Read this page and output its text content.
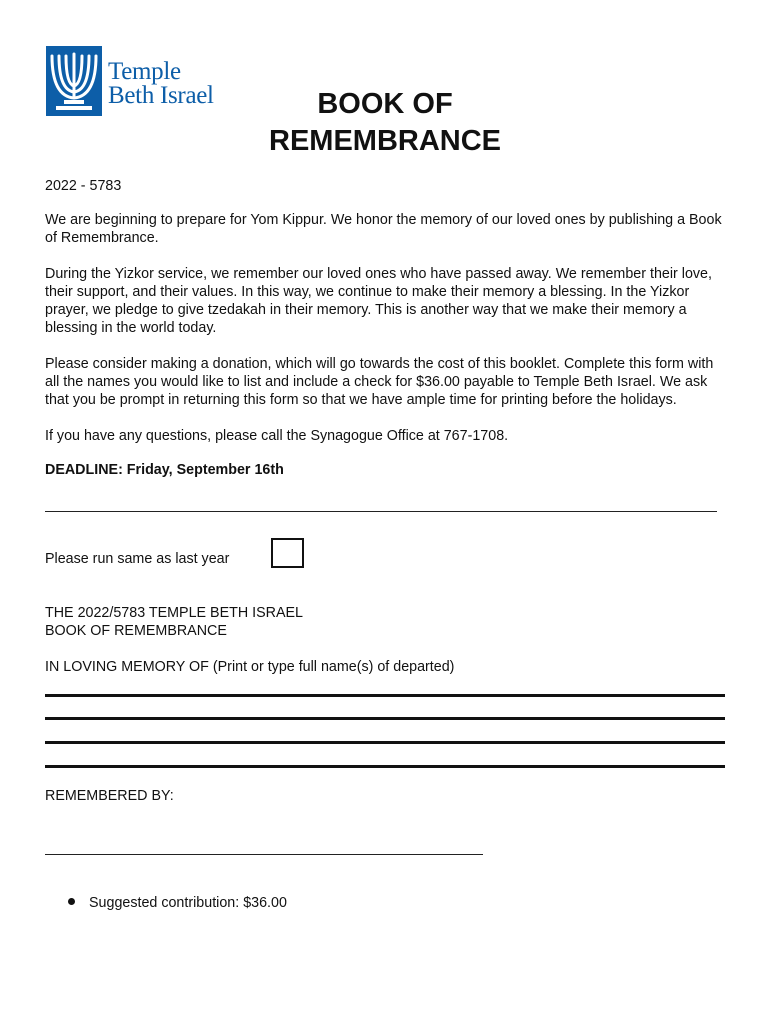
Temple
Beth Israel	BOOK OF
REMEMBRANCE

2022 - 5783

We are beginning to prepare for Yom Kippur. We honor the memory of our loved ones by publishing a Book of Remembrance.

During the Yizkor service, we remember our loved ones who have passed away. We remember their love, their support, and their values. In this way, we continue to make their memory a blessing. In the Yizkor prayer, we pledge to give tzedakah in their memory. This is another way that we make their memory a blessing in the world today.

Please consider making a donation, which will go towards the cost of this booklet. Complete this form with all the names you would like to list and include a check for $36.00 payable to Temple Beth Israel. We ask that you be prompt in returning this form so that we have ample time for printing before the holidays.

If you have any questions, please call the Synagogue Office at 767-1708.

DEADLINE: Friday, September 16th

Please run same as last year

THE 2022/5783 TEMPLE BETH ISRAEL
BOOK OF REMEMBRANCE

IN LOVING MEMORY OF (Print or type full name(s) of departed)

REMEMBERED BY:

Suggested contribution: $36.00
